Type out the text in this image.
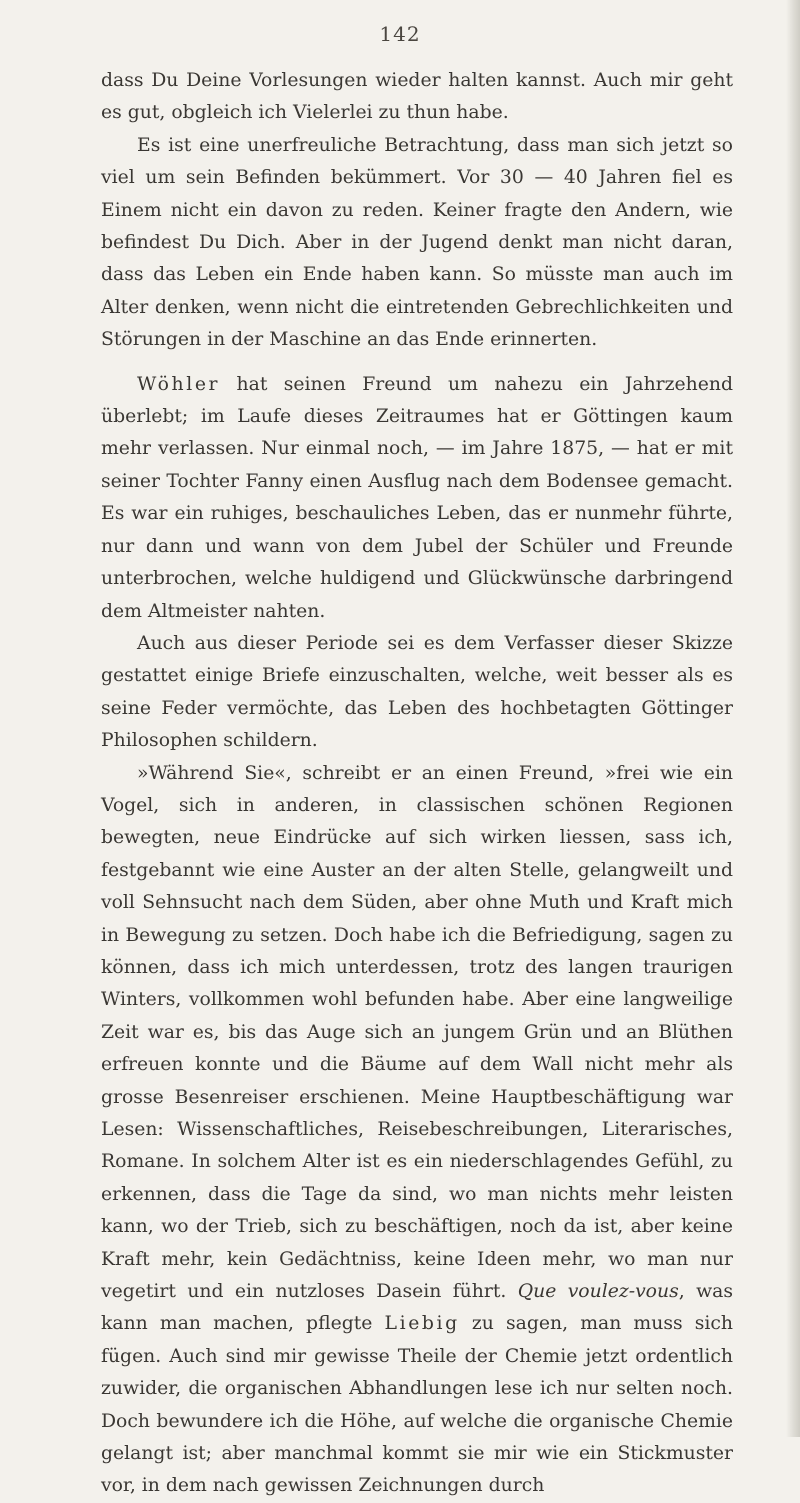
142

dass Du Deine Vorlesungen wieder halten kannst. Auch mir geht es gut, obgleich ich Vielerlei zu thun habe.

Es ist eine unerfreuliche Betrachtung, dass man sich jetzt so viel um sein Befinden bekümmert. Vor 30 — 40 Jahren fiel es Einem nicht ein davon zu reden. Keiner fragte den Andern, wie befindest Du Dich. Aber in der Jugend denkt man nicht daran, dass das Leben ein Ende haben kann. So müsste man auch im Alter denken, wenn nicht die eintretenden Gebrechlichkeiten und Störungen in der Maschine an das Ende erinnerten.

Wöhler hat seinen Freund um nahezu ein Jahrzehend überlebt; im Laufe dieses Zeitraumes hat er Göttingen kaum mehr verlassen. Nur einmal noch, — im Jahre 1875, — hat er mit seiner Tochter Fanny einen Ausflug nach dem Bodensee gemacht. Es war ein ruhiges, beschauliches Leben, das er nunmehr führte, nur dann und wann von dem Jubel der Schüler und Freunde unterbrochen, welche huldigend und Glückwünsche darbringend dem Altmeister nahten.

Auch aus dieser Periode sei es dem Verfasser dieser Skizze gestattet einige Briefe einzuschalten, welche, weit besser als es seine Feder vermöchte, das Leben des hochbetagten Göttinger Philosophen schildern.

»Während Sie«, schreibt er an einen Freund, »frei wie ein Vogel, sich in anderen, in classischen schönen Regionen bewegten, neue Eindrücke auf sich wirken liessen, sass ich, festgebannt wie eine Auster an der alten Stelle, gelangweilt und voll Sehnsucht nach dem Süden, aber ohne Muth und Kraft mich in Bewegung zu setzen. Doch habe ich die Befriedigung, sagen zu können, dass ich mich unterdessen, trotz des langen traurigen Winters, vollkommen wohl befunden habe. Aber eine langweilige Zeit war es, bis das Auge sich an jungem Grün und an Blüthen erfreuen konnte und die Bäume auf dem Wall nicht mehr als grosse Besenreiser erschienen. Meine Hauptbeschäftigung war Lesen: Wissenschaftliches, Reisebeschreibungen, Literarisches, Romane. In solchem Alter ist es ein niederschlagendes Gefühl, zu erkennen, dass die Tage da sind, wo man nichts mehr leisten kann, wo der Trieb, sich zu beschäftigen, noch da ist, aber keine Kraft mehr, kein Gedächtniss, keine Ideen mehr, wo man nur vegetirt und ein nutzloses Dasein führt. Que voulez-vous, was kann man machen, pflegte Liebig zu sagen, man muss sich fügen. Auch sind mir gewisse Theile der Chemie jetzt ordentlich zuwider, die organischen Abhandlungen lese ich nur selten noch. Doch bewundere ich die Höhe, auf welche die organische Chemie gelangt ist; aber manchmal kommt sie mir wie ein Stickmuster vor, in dem nach gewissen Zeichnungen durch
